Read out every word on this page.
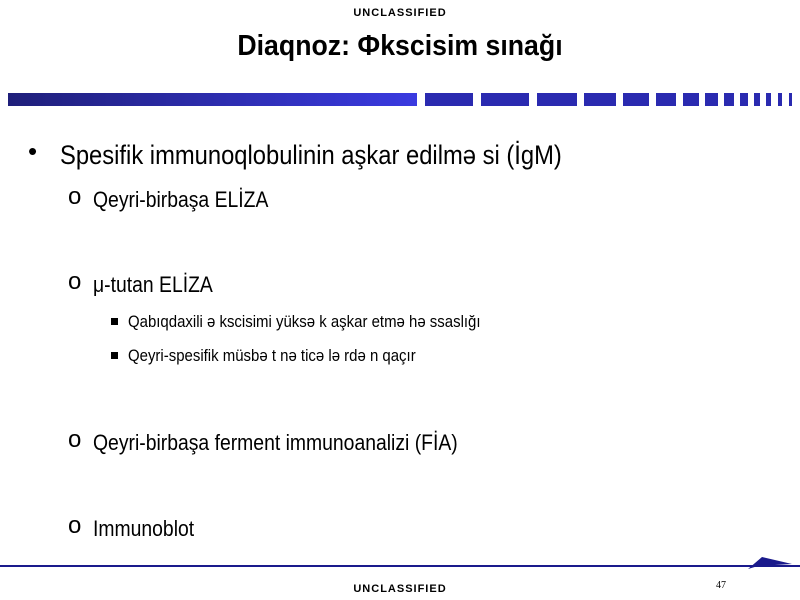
UNCLASSIFIED
Diaqnoz: Фkscisim sınağı
• Spesifik immunoqlobulinin aşkar edilmə si (İgM)
o Qeyri-birbaşa ELİZA
o μ-tutan ELİZA
Qabıqdaxili ə kscisimi yüksə k aşkar etmə hə ssaslığı
Qeyri-spesifik müsbə t nə ticə lə rdə n qaçır
o Qeyri-birbaşa ferment immunoanalizi (FİA)
o Immunoblot
UNCLASSIFIED	47
